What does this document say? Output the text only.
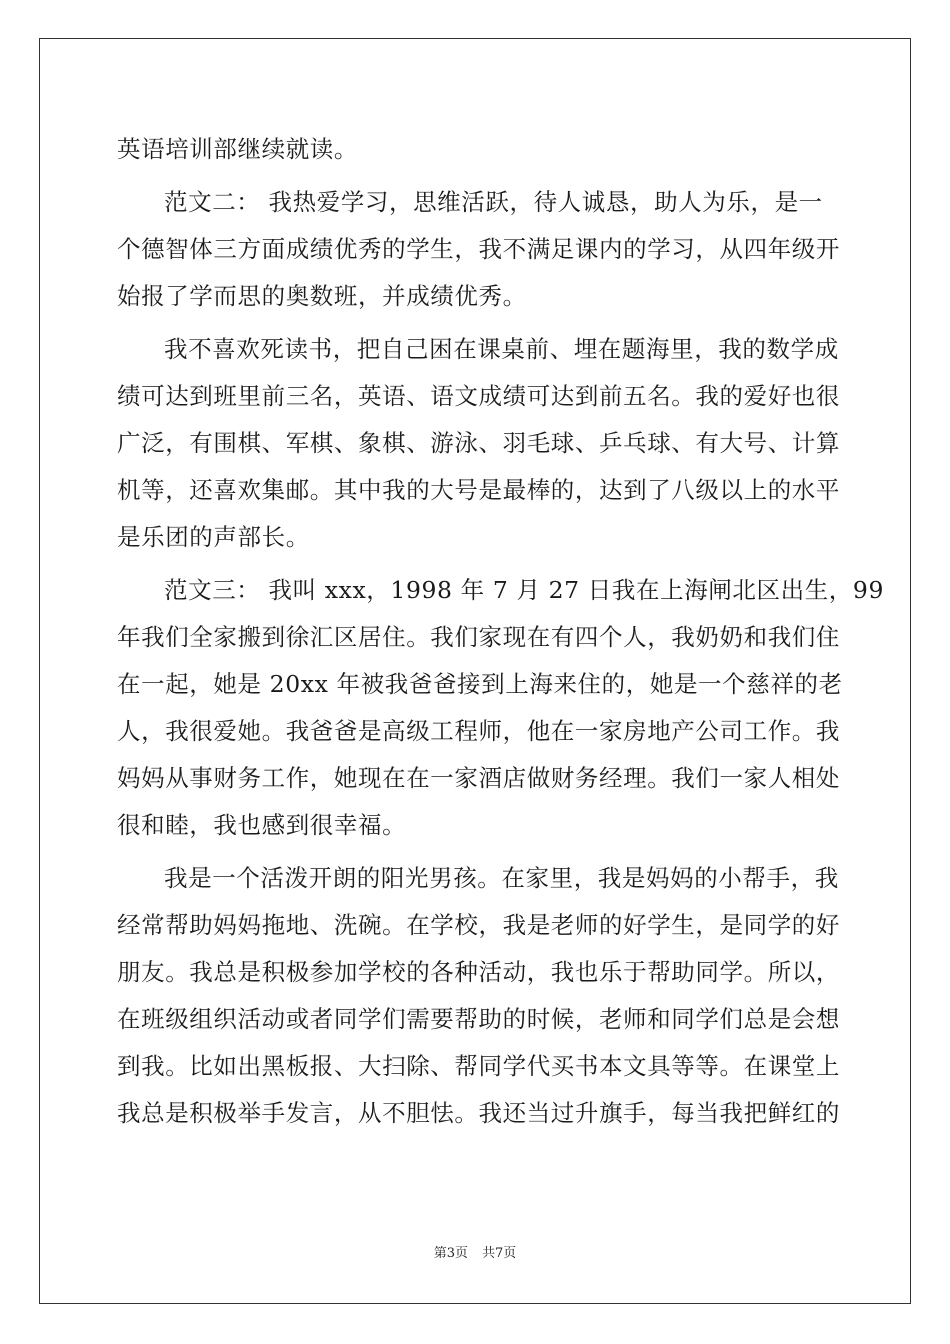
英语培训部继续就读。
范文二： 我热爱学习，思维活跃，待人诚恳，助人为乐，是一
个德智体三方面成绩优秀的学生，我不满足课内的学习，从四年级开
始报了学而思的奥数班，并成绩优秀。
我不喜欢死读书，把自己困在课桌前、埋在题海里，我的数学成
绩可达到班里前三名，英语、语文成绩可达到前五名。我的爱好也很
广泛，有围棋、军棋、象棋、游泳、羽毛球、乒乓球、有大号、计算
机等，还喜欢集邮。其中我的大号是最棒的，达到了八级以上的水平
是乐团的声部长。
范文三： 我叫 xxx，1998 年 7 月 27 日我在上海闸北区出生，99
年我们全家搬到徐汇区居住。我们家现在有四个人，我奶奶和我们住
在一起，她是 20xx 年被我爸爸接到上海来住的，她是一个慈祥的老
人，我很爱她。我爸爸是高级工程师，他在一家房地产公司工作。我
妈妈从事财务工作，她现在在一家酒店做财务经理。我们一家人相处
很和睦，我也感到很幸福。
我是一个活泼开朗的阳光男孩。在家里，我是妈妈的小帮手，我
经常帮助妈妈拖地、洗碗。在学校，我是老师的好学生，是同学的好
朋友。我总是积极参加学校的各种活动，我也乐于帮助同学。所以，
在班级组织活动或者同学们需要帮助的时候，老师和同学们总是会想
到我。比如出黑板报、大扫除、帮同学代买书本文具等等。在课堂上
我总是积极举手发言，从不胆怯。我还当过升旗手，每当我把鲜红的
第3页 共7页
